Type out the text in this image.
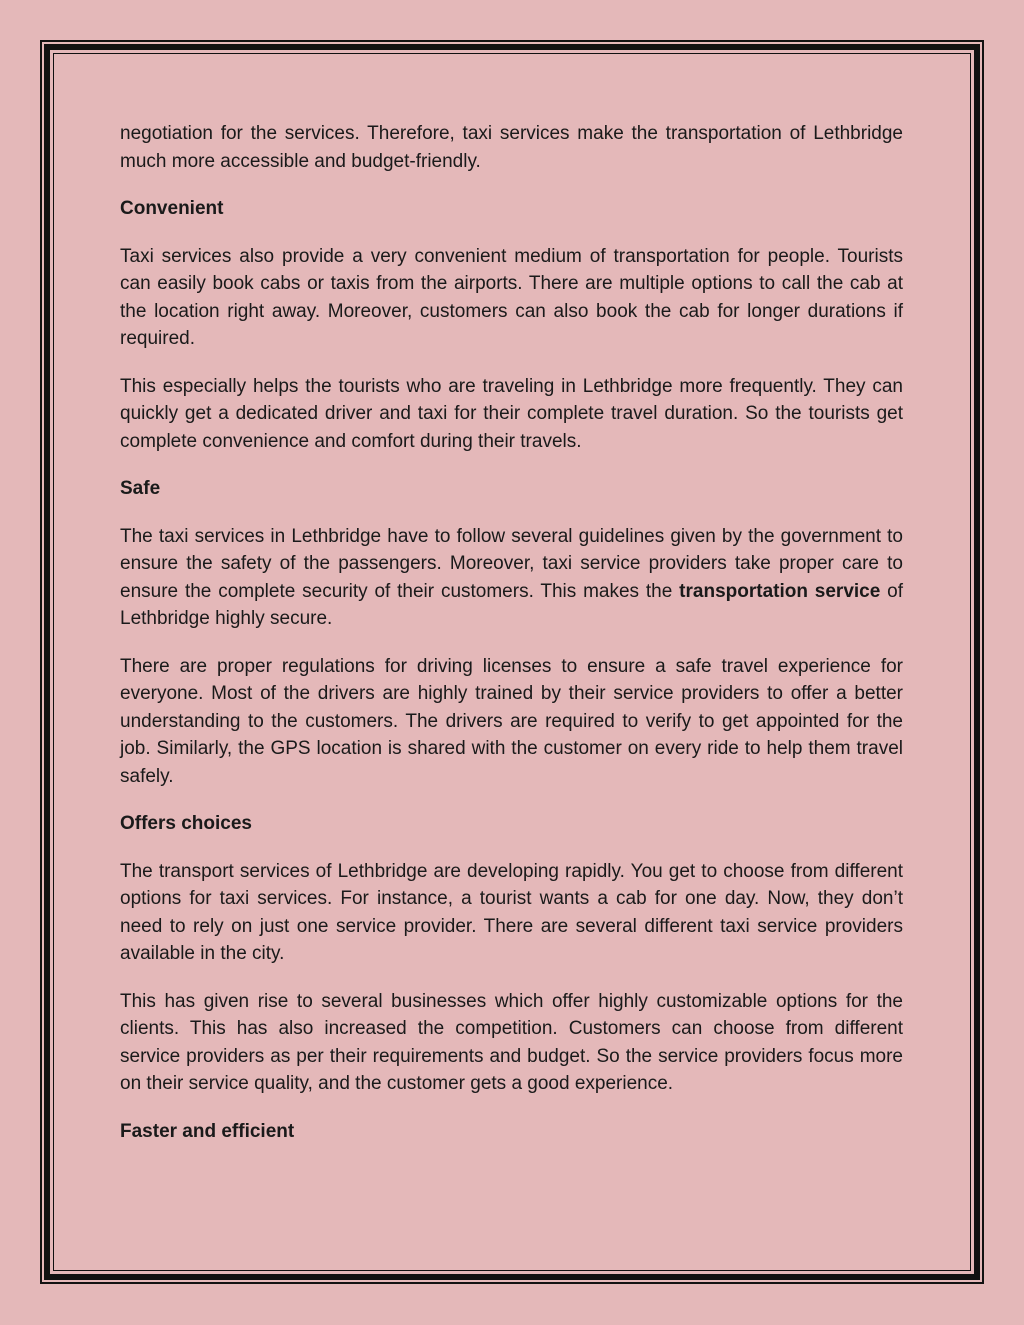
negotiation for the services. Therefore, taxi services make the transportation of Lethbridge much more accessible and budget-friendly.

Convenient

Taxi services also provide a very convenient medium of transportation for people. Tourists can easily book cabs or taxis from the airports. There are multiple options to call the cab at the location right away. Moreover, customers can also book the cab for longer durations if required.

This especially helps the tourists who are traveling in Lethbridge more frequently. They can quickly get a dedicated driver and taxi for their complete travel duration. So the tourists get complete convenience and comfort during their travels.

Safe

The taxi services in Lethbridge have to follow several guidelines given by the government to ensure the safety of the passengers. Moreover, taxi service providers take proper care to ensure the complete security of their customers. This makes the transportation service of Lethbridge highly secure.

There are proper regulations for driving licenses to ensure a safe travel experience for everyone. Most of the drivers are highly trained by their service providers to offer a better understanding to the customers. The drivers are required to verify to get appointed for the job. Similarly, the GPS location is shared with the customer on every ride to help them travel safely.

Offers choices

The transport services of Lethbridge are developing rapidly. You get to choose from different options for taxi services. For instance, a tourist wants a cab for one day. Now, they don’t need to rely on just one service provider. There are several different taxi service providers available in the city.

This has given rise to several businesses which offer highly customizable options for the clients. This has also increased the competition. Customers can choose from different service providers as per their requirements and budget. So the service providers focus more on their service quality, and the customer gets a good experience.

Faster and efficient
